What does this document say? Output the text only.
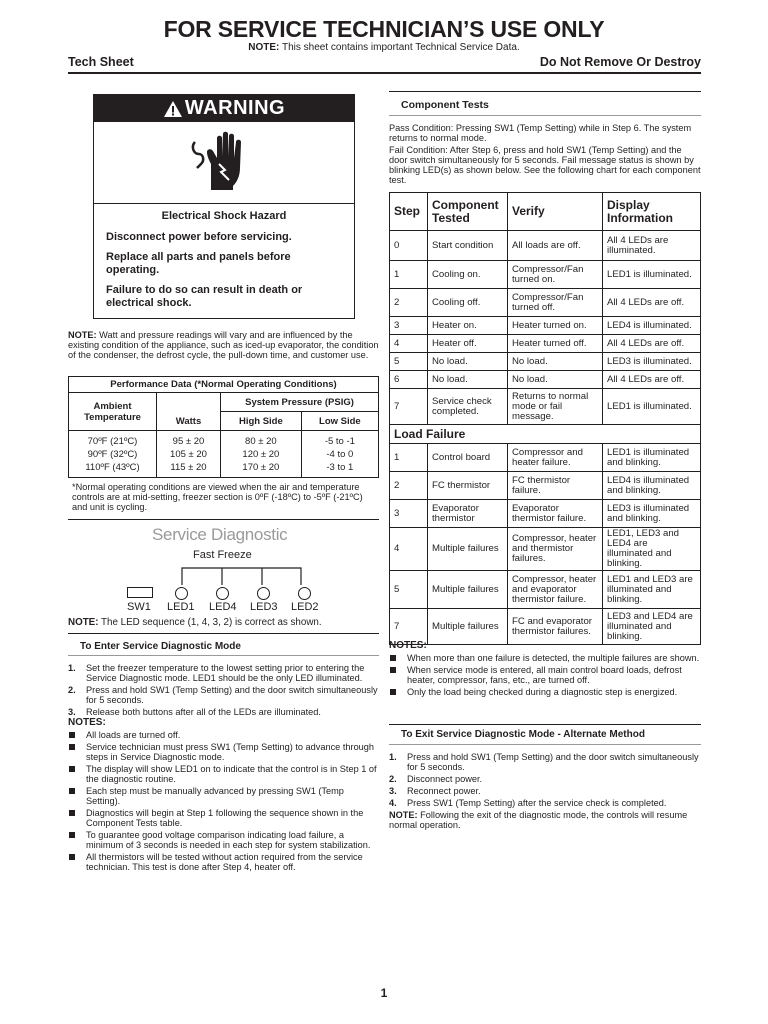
FOR SERVICE TECHNICIAN’S USE ONLY
NOTE: This sheet contains important Technical Service Data.
Tech Sheet	Do Not Remove Or Destroy
WARNING
Electrical Shock Hazard

Disconnect power before servicing.

Replace all parts and panels before operating.

Failure to do so can result in death or electrical shock.

NOTE: Watt and pressure readings will vary and are influenced by the existing condition of the appliance, such as iced-up evaporator, the condition of the condenser, the defrost cycle, the pull-down time, and customer use.
Performance Data (*Normal Operating Conditions)			
Ambient Temperature	Watts	System Pressure (PSIG)	
		High Side	Low Side
70ºF (21ºC)	95 ± 20	80 ± 20	-5 to -1
90ºF (32ºC)	105 ± 20	120 ± 20	-4 to 0
110ºF (43ºC)	115 ± 20	170 ± 20	-3 to 1
*Normal operating conditions are viewed when the air and temperature controls are at mid-setting, freezer section is 0ºF (-18ºC) to -5ºF (-21ºC) and unit is cycling.
Service Diagnostic
Fast Freeze
SW1 LED1 LED4 LED3 LED2
NOTE: The LED sequence (1, 4, 3, 2) is correct as shown.
To Enter Service Diagnostic Mode
1. Set the freezer temperature to the lowest setting prior to entering the Service Diagnostic mode. LED1 should be the only LED illuminated.
2. Press and hold SW1 (Temp Setting) and the door switch simultaneously for 5 seconds.
3. Release both buttons after all of the LEDs are illuminated.
NOTES:
All loads are turned off.
Service technician must press SW1 (Temp Setting) to advance through steps in Service Diagnostic mode.
The display will show LED1 on to indicate that the control is in Step 1 of the diagnostic routine.
Each step must be manually advanced by pressing SW1 (Temp Setting).
Diagnostics will begin at Step 1 following the sequence shown in the Component Tests table.
To guarantee good voltage comparison indicating load failure, a minimum of 3 seconds is needed in each step for system stabilization.
All thermistors will be tested without action required from the service technician. This test is done after Step 4, heater off.
Component Tests
Pass Condition: Pressing SW1 (Temp Setting) while in Step 6. The system returns to normal mode.
Fail Condition: After Step 6, press and hold SW1 (Temp Setting) and the door switch simultaneously for 5 seconds. Fail message status is shown by blinking LED(s) as shown below. See the following chart for each component test.
Step	Component Tested	Verify	Display Information
0	Start condition	All loads are off.	All 4 LEDs are illuminated.
1	Cooling on.	Compressor/Fan turned on.	LED1 is illuminated.
2	Cooling off.	Compressor/Fan turned off.	All 4 LEDs are off.
3	Heater on.	Heater turned on.	LED4 is illuminated.
4	Heater off.	Heater turned off.	All 4 LEDs are off.
5	No load.	No load.	LED3 is illuminated.
6	No load.	No load.	All 4 LEDs are off.
7	Service check completed.	Returns to normal mode or fail message.	LED1 is illuminated.
Load Failure			
1	Control board	Compressor and heater failure.	LED1 is illuminated and blinking.
2	FC thermistor	FC thermistor failure.	LED4 is illuminated and blinking.
3	Evaporator thermistor	Evaporator thermistor failure.	LED3 is illuminated and blinking.
4	Multiple failures	Compressor, heater and thermistor failures.	LED1, LED3 and LED4 are illuminated and blinking.
5	Multiple failures	Compressor, heater and evaporator thermistor failure.	LED1 and LED3 are illuminated and blinking.
7	Multiple failures	FC and evaporator thermistor failures.	LED3 and LED4 are illuminated and blinking.
NOTES:
When more than one failure is detected, the multiple failures are shown.
When service mode is entered, all main control board loads, defrost heater, compressor, fans, etc., are turned off.
Only the load being checked during a diagnostic step is energized.
To Exit Service Diagnostic Mode - Alternate Method
1. Press and hold SW1 (Temp Setting) and the door switch simultaneously for 5 seconds.
2. Disconnect power.
3. Reconnect power.
4. Press SW1 (Temp Setting) after the service check is completed.
NOTE: Following the exit of the diagnostic mode, the controls will resume normal operation.
1
